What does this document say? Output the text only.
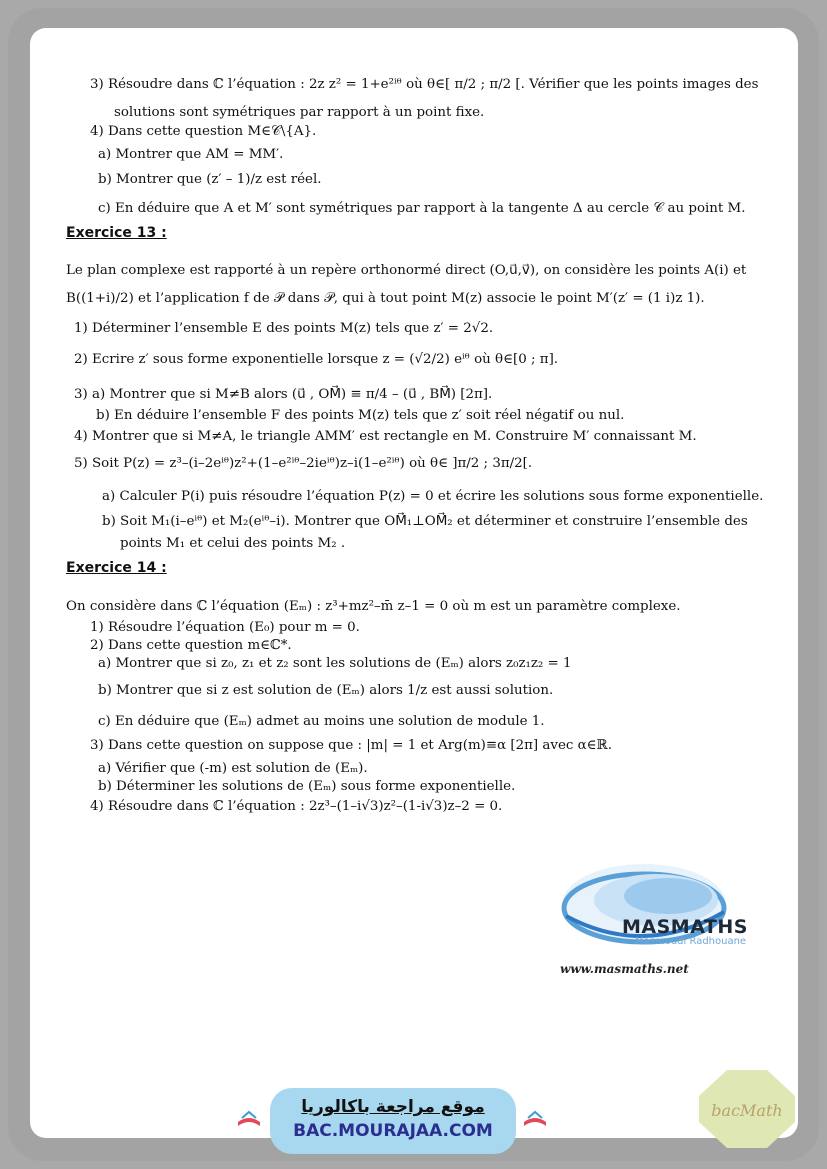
3) Résoudre dans ℂ l’équation : 2z z² = 1+e²ⁱᶿ où θ∈[ π/2 ; π/2 [. Vérifier que les points images des
solutions sont symétriques par rapport à un point fixe.
4) Dans cette question M∈𝒞\{A}.
a) Montrer que AM = MM′.
b) Montrer que (z′ – 1)/z est réel.
c) En déduire que A et M′ sont symétriques par rapport à la tangente Δ au cercle 𝒞 au point M.
Le plan complexe est rapporté à un repère orthonormé direct (O,u⃗,v⃗), on considère les points A(i) et
B((1+i)/2) et l’application f de 𝒫 dans 𝒫, qui à tout point M(z) associe le point M′(z′ = (1 i)z 1).
1) Déterminer l’ensemble E des points M(z) tels que z′ = 2√2.
2) Ecrire z′ sous forme exponentielle lorsque z = (√2/2) eⁱᶿ où θ∈[0 ; π].
3) a) Montrer que si M≠B alors (u⃗ , OM⃗) ≡ π/4 – (u⃗ , BM⃗) [2π].
b) En déduire l’ensemble F des points M(z) tels que z′ soit réel négatif ou nul.
4) Montrer que si M≠A, le triangle AMM′ est rectangle en M. Construire M′ connaissant M.
5) Soit P(z) = z³–(i–2eⁱᶿ)z²+(1–e²ⁱᶿ–2ieⁱᶿ)z–i(1–e²ⁱᶿ) où θ∈ ]π/2 ; 3π/2[.
a) Calculer P(i) puis résoudre l’équation P(z) = 0 et écrire les solutions sous forme exponentielle.
b) Soit M₁(i–eⁱᶿ) et M₂(eⁱᶿ–i). Montrer que OM⃗₁⊥OM⃗₂ et déterminer et construire l’ensemble des
points M₁ et celui des points M₂ .
On considère dans ℂ l’équation (Eₘ) : z³+mz²–m̄ z–1 = 0 où m est un paramètre complexe.
1) Résoudre l’équation (E₀) pour m = 0.
2) Dans cette question m∈ℂ*.
a) Montrer que si z₀, z₁ et z₂ sont les solutions de (Eₘ) alors z₀z₁z₂ = 1
b) Montrer que si z est solution de (Eₘ) alors 1/z est aussi solution.
c) En déduire que (Eₘ) admet au moins une solution de module 1.
3) Dans cette question on suppose que : |m| = 1 et Arg(m)≡α [2π] avec α∈ℝ.
a) Vérifier que (-m) est solution de (Eₘ).
b) Déterminer les solutions de (Eₘ) sous forme exponentielle.
4) Résoudre dans ℂ l’équation : 2z³–(1–i√3)z²–(1-i√3)z–2 = 0.
Exercice 13 :
Exercice 14 :
MASMATHS
Masmoudi Radhouane
www.masmaths.net
موقع مراجعة باكالوريا
BAC.MOURAJAA.COM
bacMath
